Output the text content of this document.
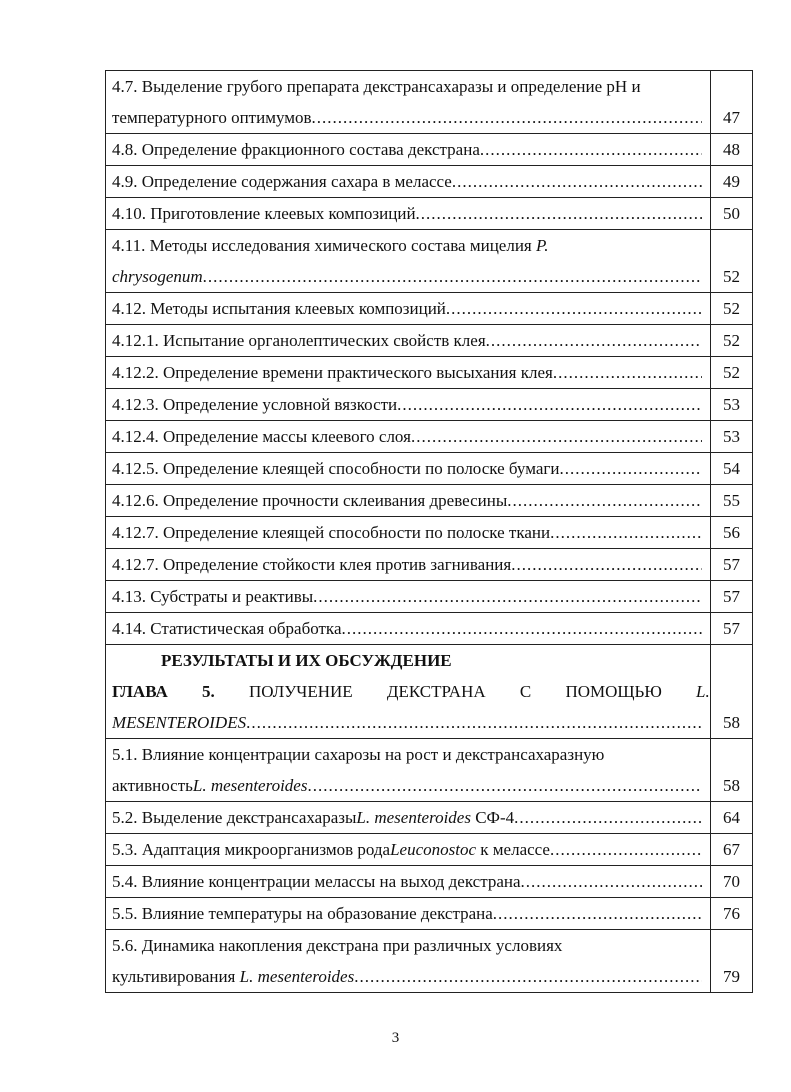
4.7. Выделение грубого препарата декстрансахаразы и определение pH и
температурного оптимумов
.....	47

4.8. Определение фракционного состава декстрана
.....	48

4.9. Определение содержания сахара в мелассе
.....	49

4.10. Приготовление клеевых композиций
.....	50

4.11. Методы исследования химического состава мицелия P.
chrysogenum
.....	52

4.12. Методы испытания клеевых композиций
.....	52

4.12.1. Испытание органолептических свойств клея
.....	52

4.12.2. Определение времени практического высыхания клея
.....	52

4.12.3. Определение условной вязкости
.....	53

4.12.4. Определение массы клеевого слоя
.....	53

4.12.5. Определение клеящей способности по полоске бумаги
.....	54

4.12.6. Определение прочности склеивания древесины
.....	55

4.12.7. Определение клеящей способности по полоске ткани
.....	56

4.12.7. Определение стойкости клея против загнивания
.....	57

4.13. Субстраты и реактивы
.....	57

4.14. Статистическая обработка
.....	57

РЕЗУЛЬТАТЫ И ИХ ОБСУЖДЕНИЕ
ГЛАВА 5. ПОЛУЧЕНИЕ ДЕКСТРАНА С ПОМОЩЬЮ L.
MESENTEROIDES
.....	58

5.1. Влияние концентрации сахарозы на рост и декстрансахаразную
активность L. mesenteroides
.....	58

5.2. Выделение декстрансахаразы L. mesenteroides СФ-4
.....	64

5.3. Адаптация микроорганизмов рода Leuconostoc к мелассе
.....	67

5.4. Влияние концентрации мелассы на выход декстрана
.....	70

5.5. Влияние температуры на образование декстрана
.....	76

5.6. Динамика накопления декстрана при различных условиях
культивирования L. mesenteroides
.....	79
3
